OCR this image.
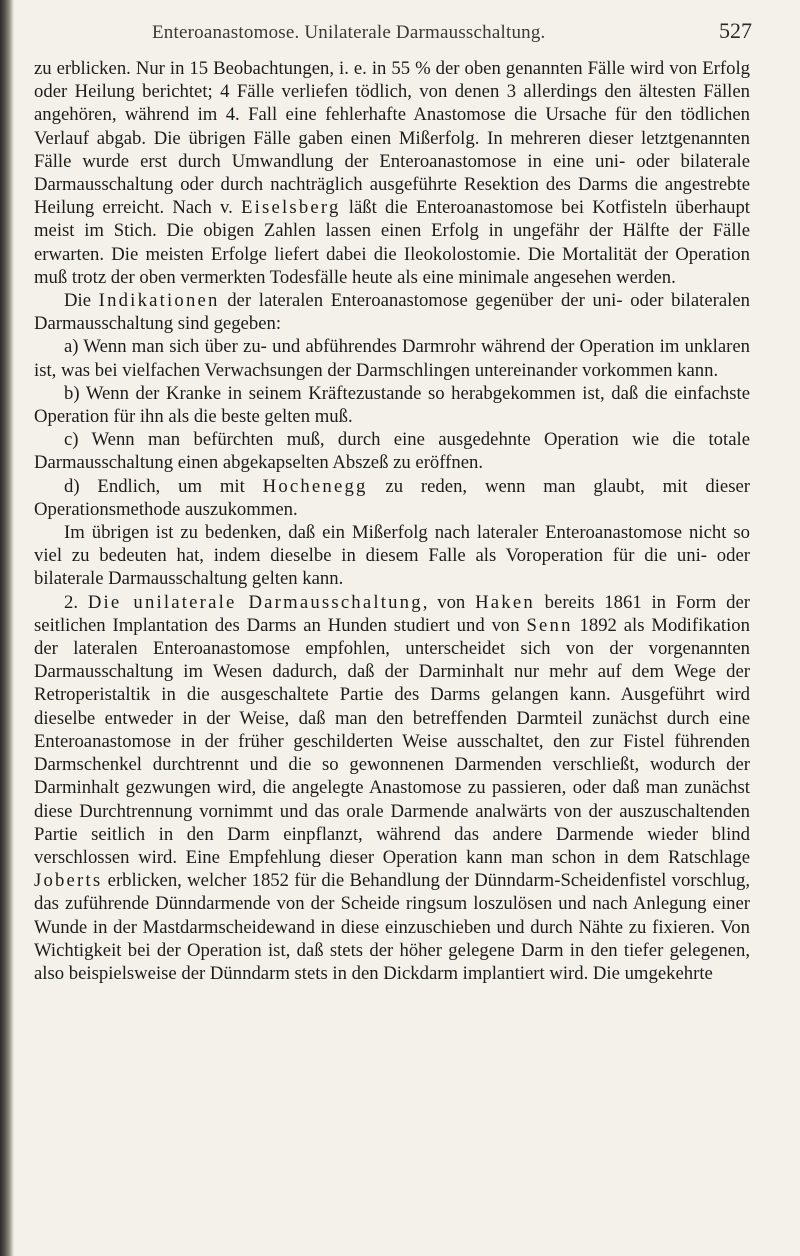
Enteroanastomose. Unilaterale Darmausschaltung.	527

zu erblicken. Nur in 15 Beobachtungen, i. e. in 55 % der oben genannten Fälle wird von Erfolg oder Heilung berichtet; 4 Fälle verliefen tödlich, von denen 3 allerdings den ältesten Fällen angehören, während im 4. Fall eine fehlerhafte Anastomose die Ursache für den tödlichen Verlauf abgab. Die übrigen Fälle gaben einen Mißerfolg. In mehreren dieser letztgenannten Fälle wurde erst durch Umwandlung der Enteroanastomose in eine uni- oder bilaterale Darmausschaltung oder durch nachträglich ausgeführte Resektion des Darms die angestrebte Heilung erreicht. Nach v. Eiselsberg läßt die Enteroanastomose bei Kotfisteln überhaupt meist im Stich. Die obigen Zahlen lassen einen Erfolg in ungefähr der Hälfte der Fälle erwarten. Die meisten Erfolge liefert dabei die Ileokolostomie. Die Mortalität der Operation muß trotz der oben vermerkten Todesfälle heute als eine minimale angesehen werden.

Die Indikationen der lateralen Enteroanastomose gegenüber der uni- oder bilateralen Darmausschaltung sind gegeben:

a) Wenn man sich über zu- und abführendes Darmrohr während der Operation im unklaren ist, was bei vielfachen Verwachsungen der Darmschlingen untereinander vorkommen kann.

b) Wenn der Kranke in seinem Kräftezustande so herabgekommen ist, daß die einfachste Operation für ihn als die beste gelten muß.

c) Wenn man befürchten muß, durch eine ausgedehnte Operation wie die totale Darmausschaltung einen abgekapselten Abszeß zu eröffnen.

d) Endlich, um mit Hochenegg zu reden, wenn man glaubt, mit dieser Operationsmethode auszukommen.

Im übrigen ist zu bedenken, daß ein Mißerfolg nach lateraler Enteroanastomose nicht so viel zu bedeuten hat, indem dieselbe in diesem Falle als Voroperation für die uni- oder bilaterale Darmausschaltung gelten kann.

2. Die unilaterale Darmausschaltung, von Haken bereits 1861 in Form der seitlichen Implantation des Darms an Hunden studiert und von Senn 1892 als Modifikation der lateralen Enteroanastomose empfohlen, unterscheidet sich von der vorgenannten Darmausschaltung im Wesen dadurch, daß der Darminhalt nur mehr auf dem Wege der Retroperistaltik in die ausgeschaltete Partie des Darms gelangen kann. Ausgeführt wird dieselbe entweder in der Weise, daß man den betreffenden Darmteil zunächst durch eine Enteroanastomose in der früher geschilderten Weise ausschaltet, den zur Fistel führenden Darmschenkel durchtrennt und die so gewonnenen Darmenden verschließt, wodurch der Darminhalt gezwungen wird, die angelegte Anastomose zu passieren, oder daß man zunächst diese Durchtrennung vornimmt und das orale Darmende analwärts von der auszuschaltenden Partie seitlich in den Darm einpflanzt, während das andere Darmende wieder blind verschlossen wird. Eine Empfehlung dieser Operation kann man schon in dem Ratschlage Joberts erblicken, welcher 1852 für die Behandlung der Dünndarm-Scheidenfistel vorschlug, das zuführende Dünndarmende von der Scheide ringsum loszulösen und nach Anlegung einer Wunde in der Mastdarmscheidewand in diese einzuschieben und durch Nähte zu fixieren. Von Wichtigkeit bei der Operation ist, daß stets der höher gelegene Darm in den tiefer gelegenen, also beispielsweise der Dünndarm stets in den Dickdarm implantiert wird. Die umgekehrte
